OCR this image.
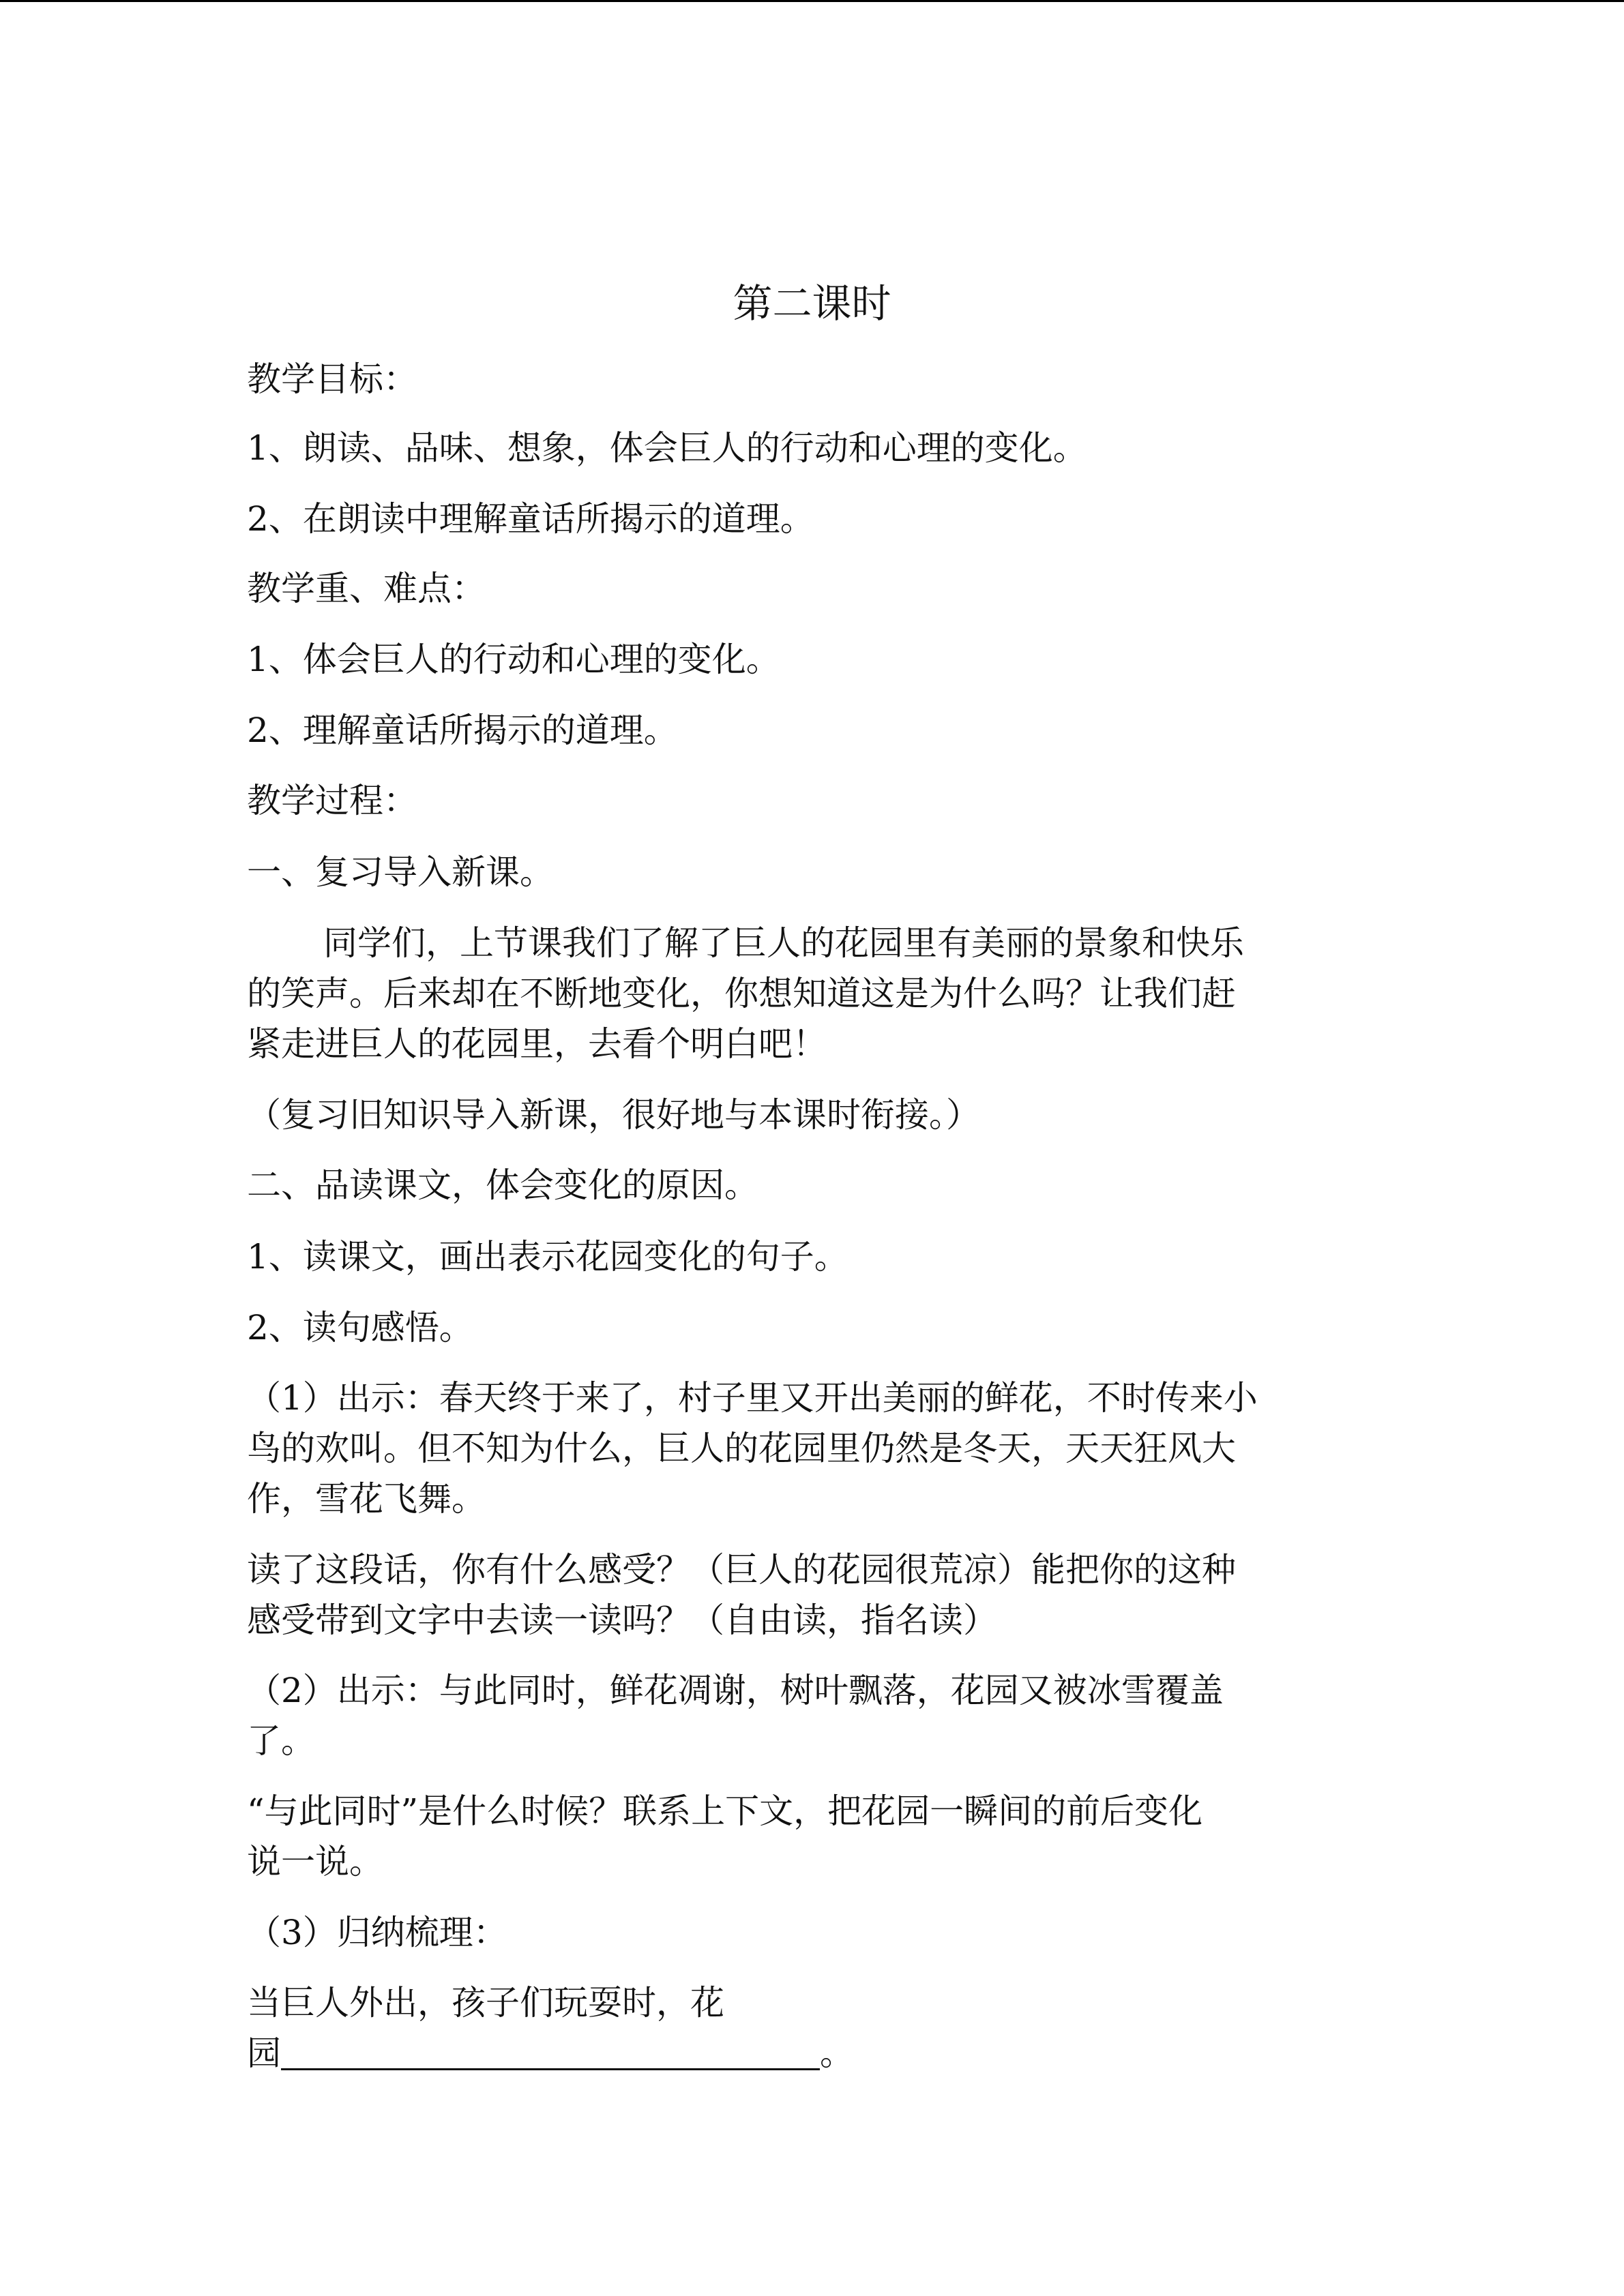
第二课时

教学目标：

1、朗读、品味、想象，体会巨人的行动和心理的变化。

2、在朗读中理解童话所揭示的道理。

教学重、难点：

1、体会巨人的行动和心理的变化。

2、理解童话所揭示的道理。

教学过程：

一、复习导入新课。

同学们，上节课我们了解了巨人的花园里有美丽的景象和快乐

的笑声。后来却在不断地变化，你想知道这是为什么吗？让我们赶

紧走进巨人的花园里，去看个明白吧！

（复习旧知识导入新课，很好地与本课时衔接。）

二、品读课文，体会变化的原因。

1、读课文，画出表示花园变化的句子。

2、读句感悟。

（1）出示：春天终于来了，村子里又开出美丽的鲜花，不时传来小

鸟的欢叫。但不知为什么，巨人的花园里仍然是冬天，天天狂风大

作，雪花飞舞。

读了这段话，你有什么感受？（巨人的花园很荒凉）能把你的这种

感受带到文字中去读一读吗？（自由读，指名读）

（2）出示：与此同时，鲜花凋谢，树叶飘落，花园又被冰雪覆盖

了。

“与此同时”是什么时候？联系上下文，把花园一瞬间的前后变化

说一说。

（3）归纳梳理：

当巨人外出，孩子们玩耍时，花

园	。
